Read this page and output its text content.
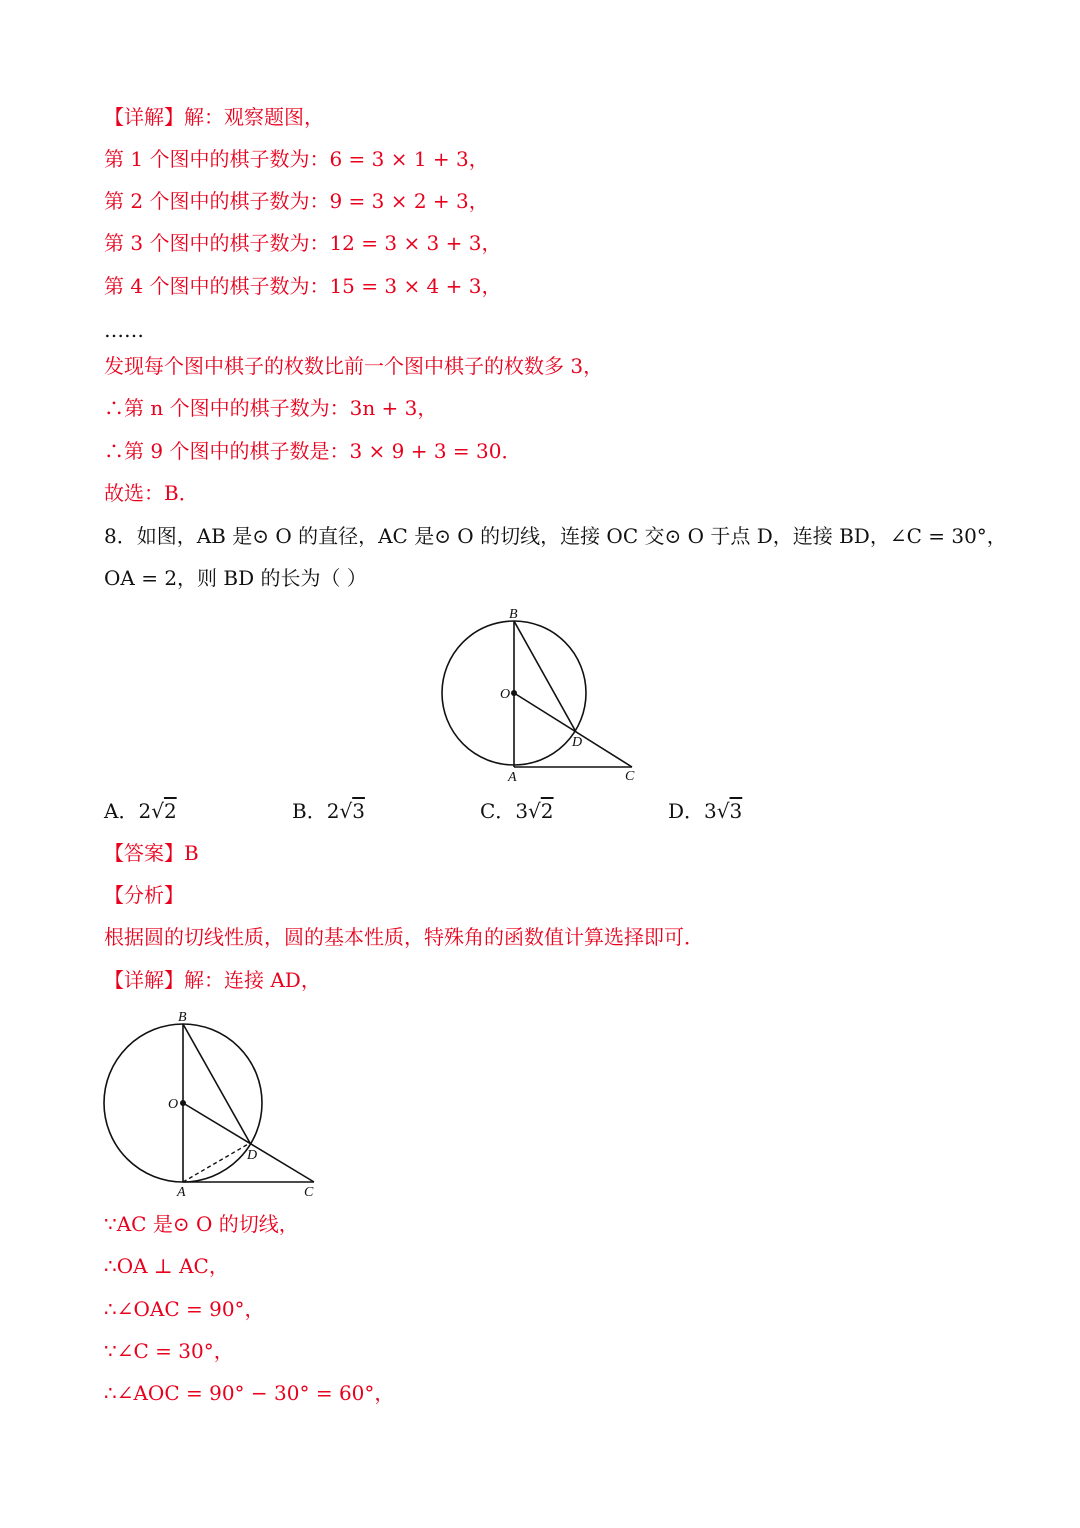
【详解】解：观察题图，
第 1 个图中的棋子数为：6 = 3 × 1 + 3，
第 2 个图中的棋子数为：9 = 3 × 2 + 3，
第 3 个图中的棋子数为：12 = 3 × 3 + 3，
第 4 个图中的棋子数为：15 = 3 × 4 + 3，
……
发现每个图中棋子的枚数比前一个图中棋子的枚数多 3，
∴第 n 个图中的棋子数为：3n + 3，
∴第 9 个图中的棋子数是：3 × 9 + 3 = 30．
故选：B．
8．如图，AB 是⊙ O 的直径，AC 是⊙ O 的切线，连接 OC 交⊙ O 于点 D，连接 BD，∠C = 30°，
OA = 2，则 BD 的长为（ ）
B
O
D
A	C
A．2√2	B．2√3	C．3√2	D．3√3
【答案】B
【分析】
根据圆的切线性质，圆的基本性质，特殊角的函数值计算选择即可．
【详解】解：连接 AD，
B
O
D
A	C
∵AC 是⊙ O 的切线，
∴OA ⊥ AC，
∴∠OAC = 90°，
∵∠C = 30°，
∴∠AOC = 90° − 30° = 60°，
